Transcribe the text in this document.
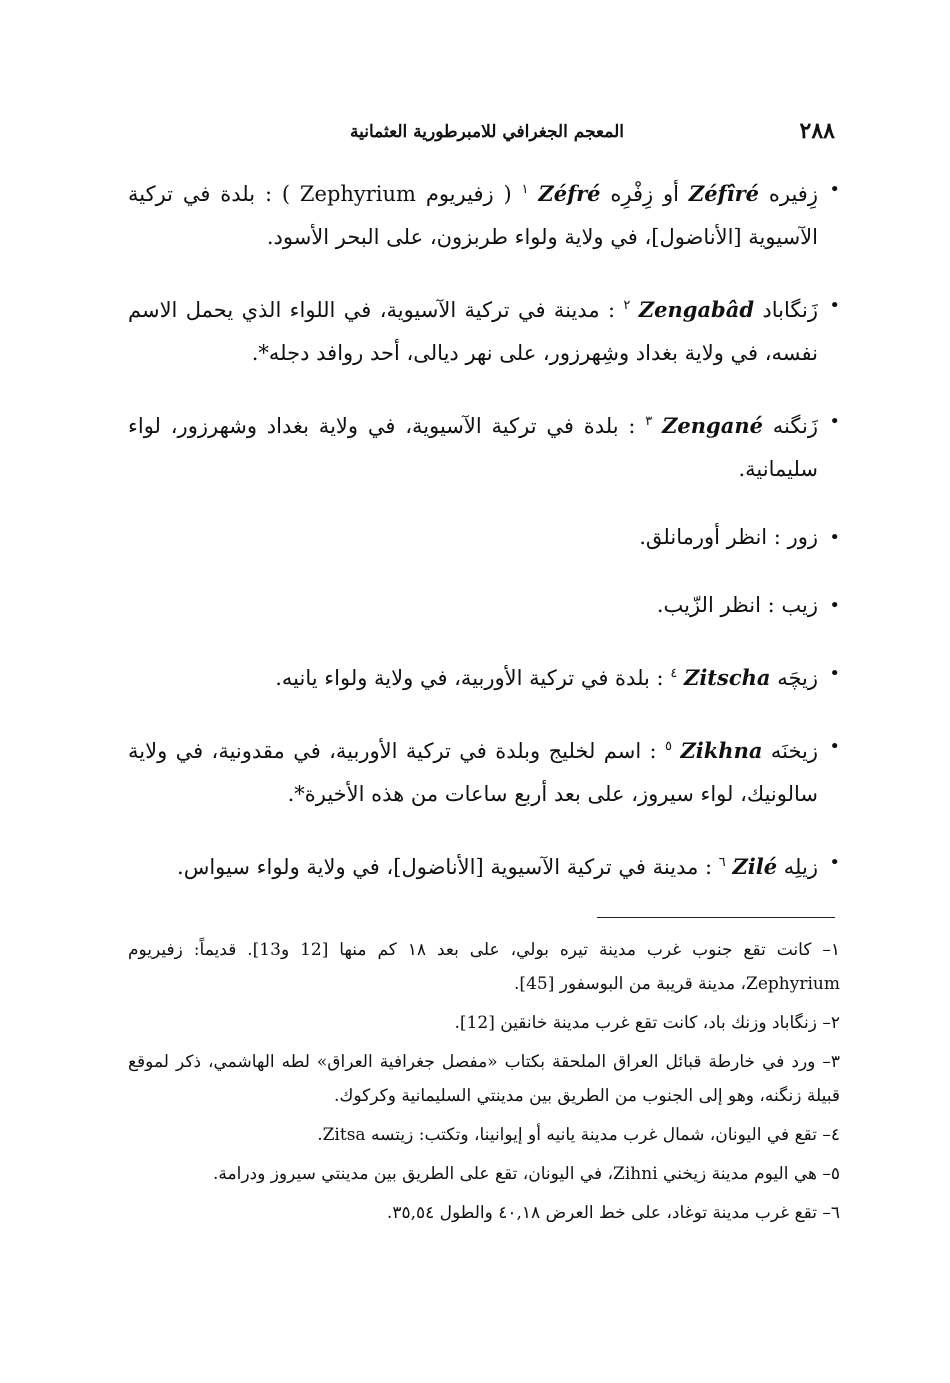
٢٨٨
المعجم الجغرافي للامبرطورية العثمانية
•
زِفيره Zéfîré أو زِفْرِه Zéfré $^١$ ( زفيريوم Zephyrium ) : بلدة في تركية الآسيوية [الأناضول]، في ولاية ولواء طربزون، على البحر الأسود.
•
زَنگاباد Zengabâd $^٢$ : مدينة في تركية الآسيوية، في اللواء الذي يحمل الاسم نفسه، في ولاية بغداد وشِهرزور، على نهر ديالى، أحد روافد دجله*.
•
زَنگنه Zengané $^٣$ : بلدة في تركية الآسيوية، في ولاية بغداد وشهرزور، لواء سليمانية.
•
زور : انظر أورمانلق.
•
زيب : انظر الزّيب.
•
زيچَه Zitscha $^٤$ : بلدة في تركية الأوربية، في ولاية ولواء يانيه.
•
زيخنَه Zikhna $^٥$ : اسم لخليج وبلدة في تركية الأوربية، في مقدونية، في ولاية سالونيك، لواء سيروز، على بعد أربع ساعات من هذه الأخيرة*.
•
زيلِه Zilé $^٦$ : مدينة في تركية الآسيوية [الأناضول]، في ولاية ولواء سيواس.

١– كانت تقع جنوب غرب مدينة تيره بولي، على بعد ١٨ كم منها [12 و13]. قديماً: زفيريوم Zephyrium، مدينة قريبة من البوسفور [45].

٢– زنگاباد وزنك باد، كانت تقع غرب مدينة خانقين [12].

٣– ورد في خارطة قبائل العراق الملحقة بكتاب «مفصل جغرافية العراق» لطه الهاشمي، ذكر لموقع قبيلة زنگنه، وهو إلى الجنوب من الطريق بين مدينتي السليمانية وكركوك.

٤– تقع في اليونان، شمال غرب مدينة يانيه أو إيوانينا، وتكتب: زيتسه Zitsa.

٥– هي اليوم مدينة زيخني Zihni، في اليونان، تقع على الطريق بين مدينتي سيروز ودرامة.

٦– تقع غرب مدينة توغاد، على خط العرض ٤٠,١٨ والطول ٣٥,٥٤.
